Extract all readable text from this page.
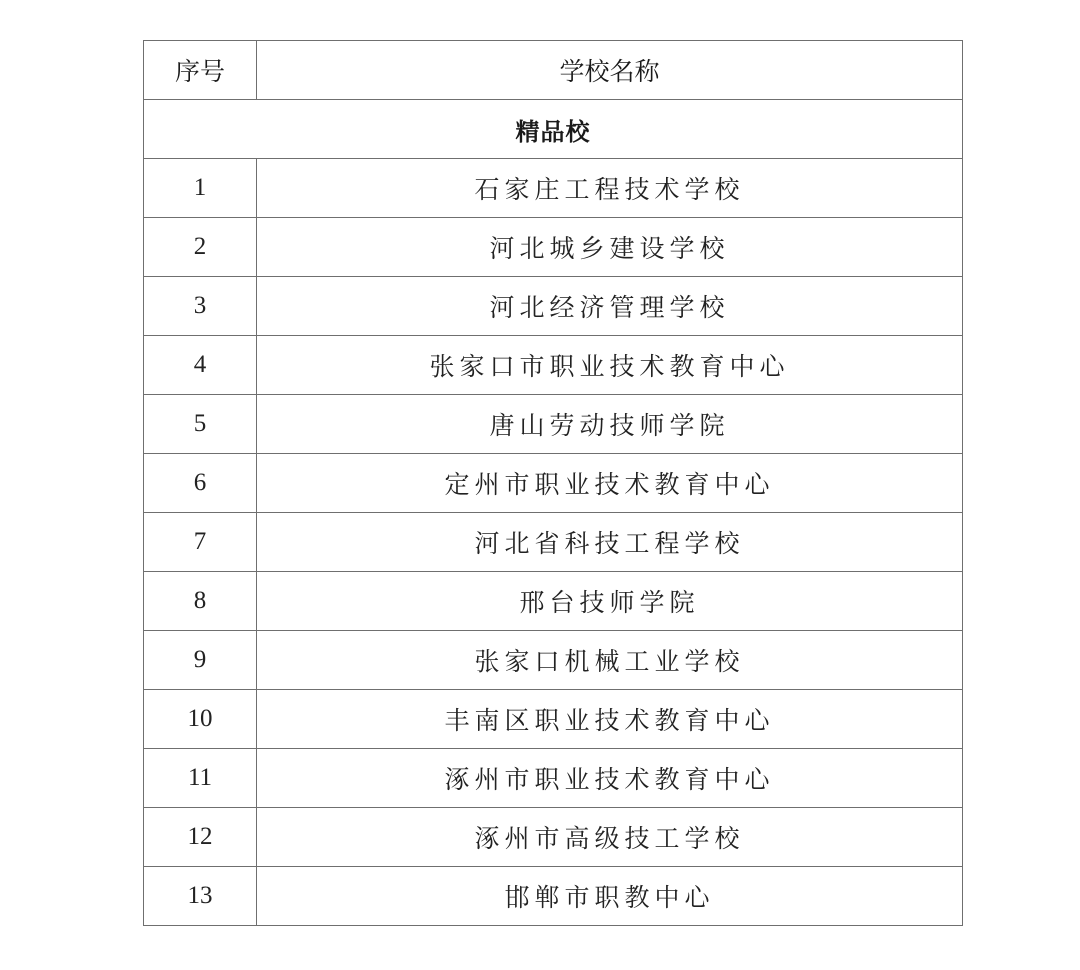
序号	学校名称
精品校	
1	石家庄工程技术学校
2	河北城乡建设学校
3	河北经济管理学校
4	张家口市职业技术教育中心
5	唐山劳动技师学院
6	定州市职业技术教育中心
7	河北省科技工程学校
8	邢台技师学院
9	张家口机械工业学校
10	丰南区职业技术教育中心
11	涿州市职业技术教育中心
12	涿州市高级技工学校
13	邯郸市职教中心
